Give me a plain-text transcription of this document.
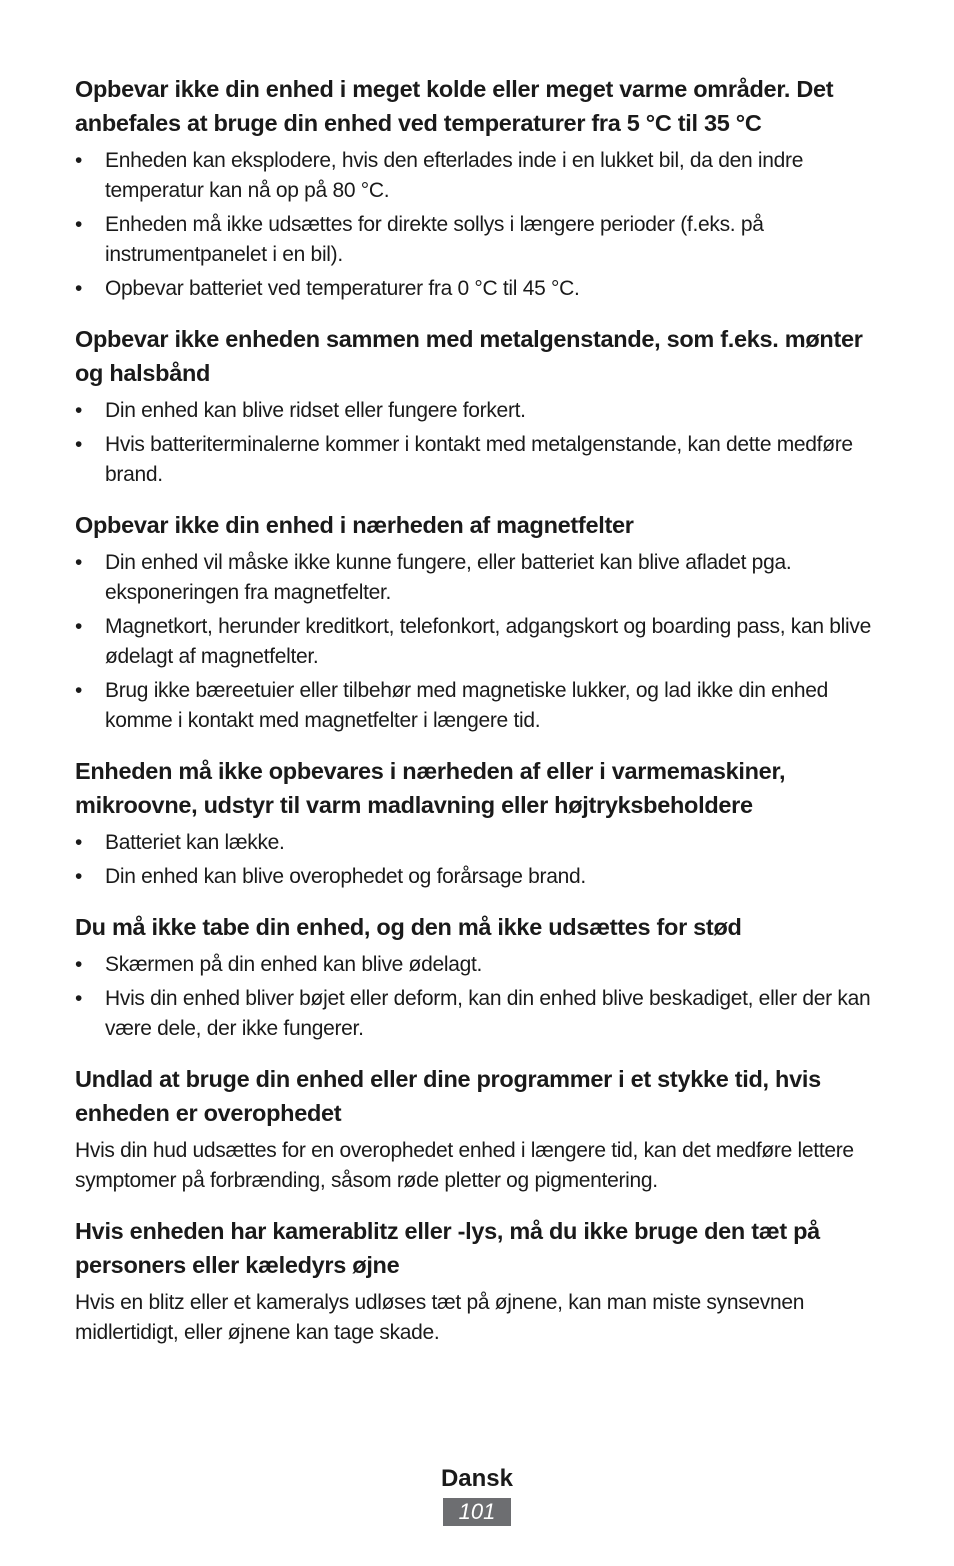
Opbevar ikke din enhed i meget kolde eller meget varme områder. Det anbefales at bruge din enhed ved temperaturer fra 5 °C til 35 °C
•	Enheden kan eksplodere, hvis den efterlades inde i en lukket bil, da den indre temperatur kan nå op på 80 °C.
•	Enheden må ikke udsættes for direkte sollys i længere perioder (f.eks. på instrumentpanelet i en bil).
•	Opbevar batteriet ved temperaturer fra 0 °C til 45 °C.
Opbevar ikke enheden sammen med metalgenstande, som f.eks. mønter og halsbånd
•	Din enhed kan blive ridset eller fungere forkert.
•	Hvis batteriterminalerne kommer i kontakt med metalgenstande, kan dette medføre brand.
Opbevar ikke din enhed i nærheden af magnetfelter
•	Din enhed vil måske ikke kunne fungere, eller batteriet kan blive afladet pga. eksponeringen fra magnetfelter.
•	Magnetkort, herunder kreditkort, telefonkort, adgangskort og boarding pass, kan blive ødelagt af magnetfelter.
•	Brug ikke bæreetuier eller tilbehør med magnetiske lukker, og lad ikke din enhed komme i kontakt med magnetfelter i længere tid.
Enheden må ikke opbevares i nærheden af eller i varmemaskiner, mikroovne, udstyr til varm madlavning eller højtryksbeholdere
•	Batteriet kan lække.
•	Din enhed kan blive overophedet og forårsage brand.
Du må ikke tabe din enhed, og den må ikke udsættes for stød
•	Skærmen på din enhed kan blive ødelagt.
•	Hvis din enhed bliver bøjet eller deform, kan din enhed blive beskadiget, eller der kan være dele, der ikke fungerer.
Undlad at bruge din enhed eller dine programmer i et stykke tid, hvis enheden er overophedet

Hvis din hud udsættes for en overophedet enhed i længere tid, kan det medføre lettere symptomer på forbrænding, såsom røde pletter og pigmentering.

Hvis enheden har kamerablitz eller -lys, må du ikke bruge den tæt på personers eller kæledyrs øjne

Hvis en blitz eller et kameralys udløses tæt på øjnene, kan man miste synsevnen midlertidigt, eller øjnene kan tage skade.

Dansk
101
